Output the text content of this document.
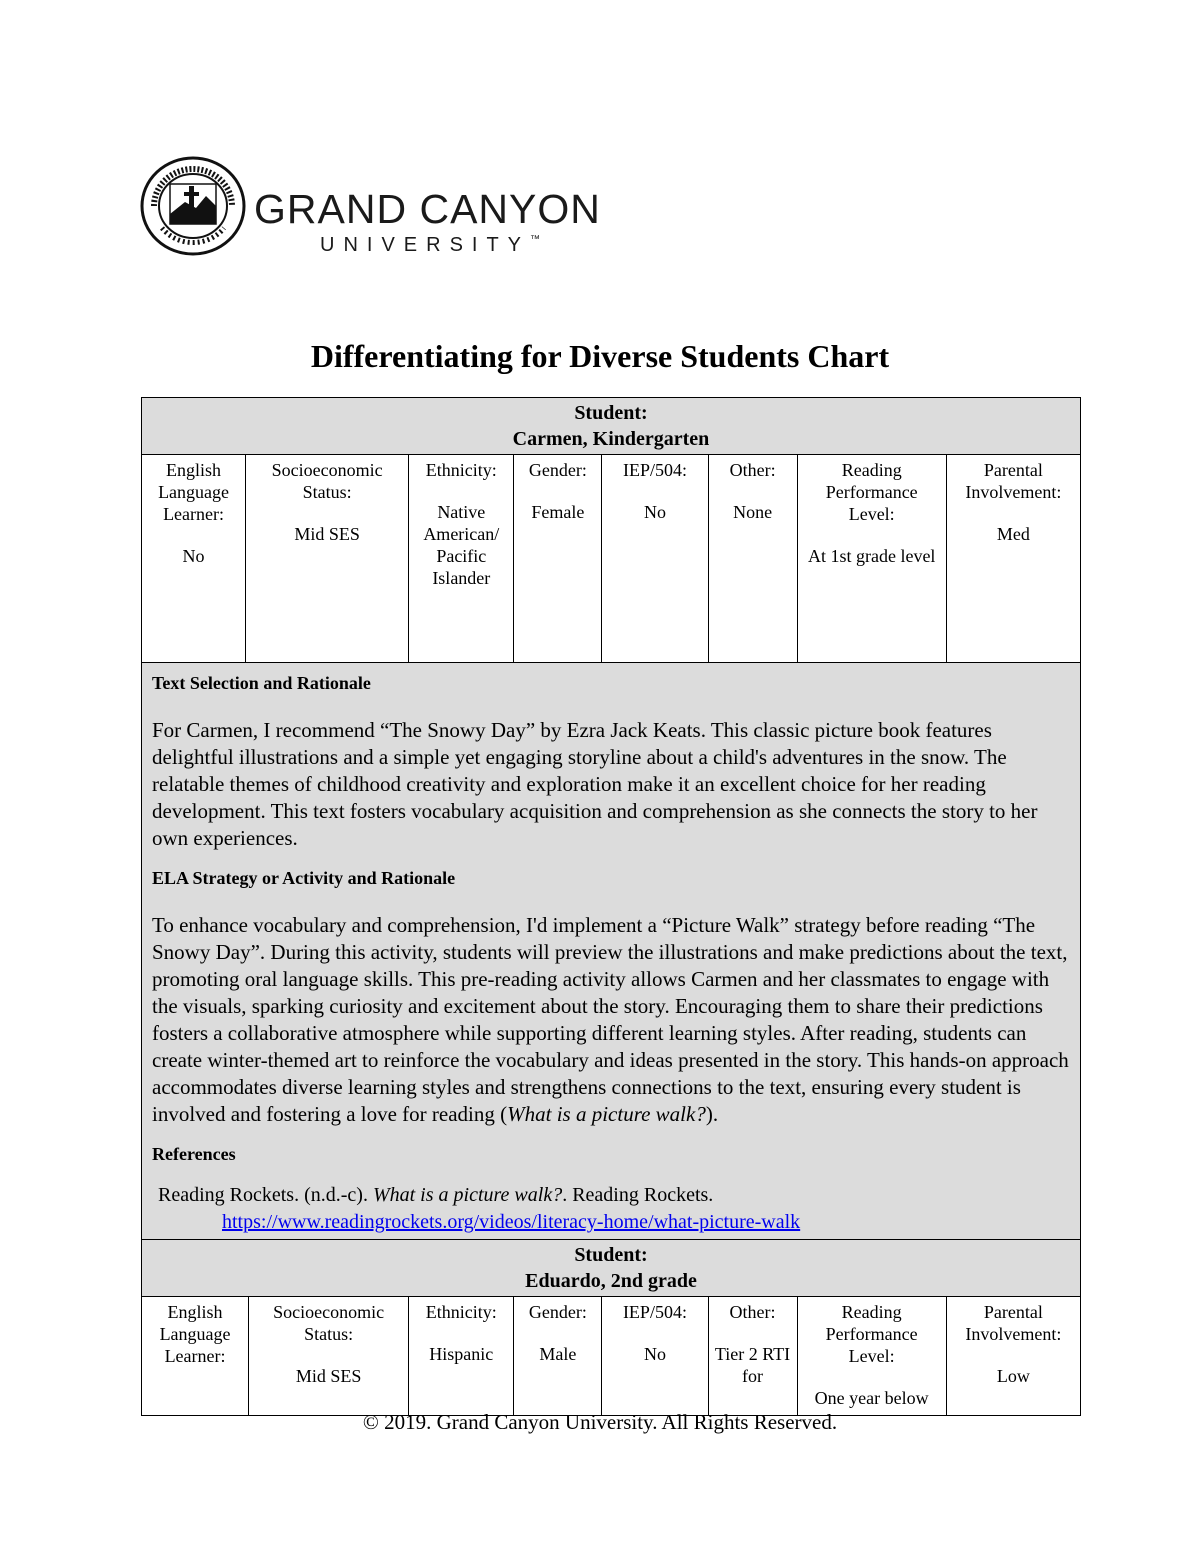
GRAND CANYON
UNIVERSITY™
Differentiating for Diverse Students Chart
Student:
Carmen, Kindergarten

English Language Learner:
No

Socioeconomic Status:
Mid SES

Ethnicity:
Native American/ Pacific Islander

Gender:
Female

IEP/504:
No

Other:
None

Reading Performance Level:
At 1st grade level

Parental Involvement:
Med

Text Selection and Rationale

For Carmen, I recommend “The Snowy Day” by Ezra Jack Keats. This classic picture book features delightful illustrations and a simple yet engaging storyline about a child's adventures in the snow. The relatable themes of childhood creativity and exploration make it an excellent choice for her reading development. This text fosters vocabulary acquisition and comprehension as she connects the story to her own experiences.

ELA Strategy or Activity and Rationale

To enhance vocabulary and comprehension, I'd implement a “Picture Walk” strategy before reading “The Snowy Day”. During this activity, students will preview the illustrations and make predictions about the text, promoting oral language skills. This pre-reading activity allows Carmen and her classmates to engage with the visuals, sparking curiosity and excitement about the story. Encouraging them to share their predictions fosters a collaborative atmosphere while supporting different learning styles. After reading, students can create winter-themed art to reinforce the vocabulary and ideas presented in the story. This hands-on approach accommodates diverse learning styles and strengthens connections to the text, ensuring every student is involved and fostering a love for reading (What is a picture walk?).

References

Reading Rockets. (n.d.-c). What is a picture walk?. Reading Rockets.

https://www.readingrockets.org/videos/literacy-home/what-picture-walk

Student:
Eduardo, 2nd grade

English Language Learner:

Socioeconomic Status:
Mid SES

Ethnicity:
Hispanic

Gender:
Male

IEP/504:
No

Other:
Tier 2 RTI for

Reading Performance Level:
One year below

Parental Involvement:
Low
© 2019. Grand Canyon University. All Rights Reserved.
